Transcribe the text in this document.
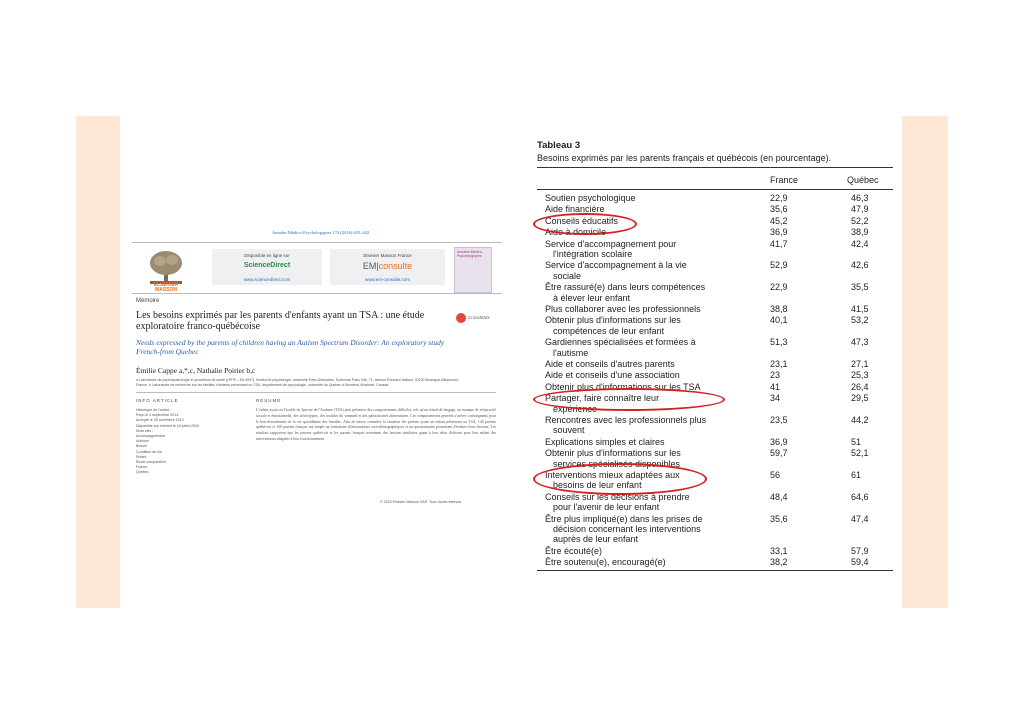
Annales Médico-Psychologiques 174 (2016) 635–642
ELSEVIER MASSON
Disponible en ligne sur
ScienceDirect
www.sciencedirect.com
Elsevier Masson France
EM|consulte
www.em-consulte.com
Annales Médico-Psychologiques
Mémoire
Les besoins exprimés par les parents d'enfants ayant un TSA : une étude exploratoire franco-québécoise
CrossMark
Needs expressed by the parents of children having an Autism Spectrum Disorder: An exploratory study French-from Quebec
Émilie Cappe a,*,c, Nathalie Poirier b,c
a Laboratoire de psychopathologie et processus de santé (LPPS – EA 4057), Institut de psychologie, université Paris-Descartes, Sorbonne Paris Cité, 71, avenue Édouard-Vaillant, 92100 Boulogne-Billancourt, France. b Laboratoire de recherche sur les familles d'enfants présentant un TSA, département de psychologie, université du Québec à Montréal, Montréal, Canada
INFO ARTICLE	RÉSUMÉ
Historique de l'article :
Reçu le 3 septembre 2014
Accepté le 25 novembre 2014
Disponible sur Internet le 18 juillet 2015
Mots clés :
Accompagnement
Autisme
Besoin
Condition de vie
Enfant
Étude comparative
France
Québec
L'enfant ayant un Trouble du Spectre de l'Autisme (TSA) peut présenter des comportements difficiles, tels qu'un retard de langage, un manque de réciprocité sociale et émotionnelle, des stéréotypies, des troubles du sommeil et des particularités alimentaires. Ces comportements peuvent s'avérer contraignants pour le bon déroulement de la vie quotidienne des familles. Afin de mieux connaître la situation des parents ayant un enfant présentant un TSA, 145 parents québécois et 168 parents français ont rempli un formulaire d'informations sociodémographiques et un questionnaire permettant d'évaluer leurs besoins. Les résultats rapportent que les parents québécois et les parents français ressentent des besoins similaires quant à leur désir d'obtenir pour leur enfant des interventions adaptées à leur fonctionnement.
© 2015 Elsevier Masson SAS. Tous droits réservés.
Tableau 3
Besoins exprimés par les parents français et québécois (en pourcentage).
France	Québec
Soutien psychologique	22,9	46,3
Aide financière	35,6	47,9
Conseils éducatifs	45,2	52,2
Aide à domicile	36,9	38,9
Service d'accompagnement pour
l'intégration scolaire
41,7	42,4
Service d'accompagnement à la vie
sociale
52,9	42,6
Être rassuré(e) dans leurs compétences
à élever leur enfant
22,9	35,5
Plus collaborer avec les professionnels	38,8	41,5
Obtenir plus d'informations sur les
compétences de leur enfant
40,1	53,2
Gardiennes spécialisées et formées à
l'autisme
51,3	47,3
Aide et conseils d'autres parents	23,1	27,1
Aide et conseils d'une association	23	25,3
Obtenir plus d'informations sur les TSA	41	26,4
Partager, faire connaître leur
expérience
34	29,5
Rencontres avec les professionnels plus
souvent
23,5	44,2
Explications simples et claires	36,9	51
Obtenir plus d'informations sur les
services spécialisés disponibles
59,7	52,1
Interventions mieux adaptées aux
besoins de leur enfant
56	61
Conseils sur les décisions à prendre
pour l'avenir de leur enfant
48,4	64,6
Être plus impliqué(e) dans les prises de
décision concernant les interventions
auprès de leur enfant
35,6	47,4
Être écouté(e)	33,1	57,9
Être soutenu(e), encouragé(e)	38,2	59,4
